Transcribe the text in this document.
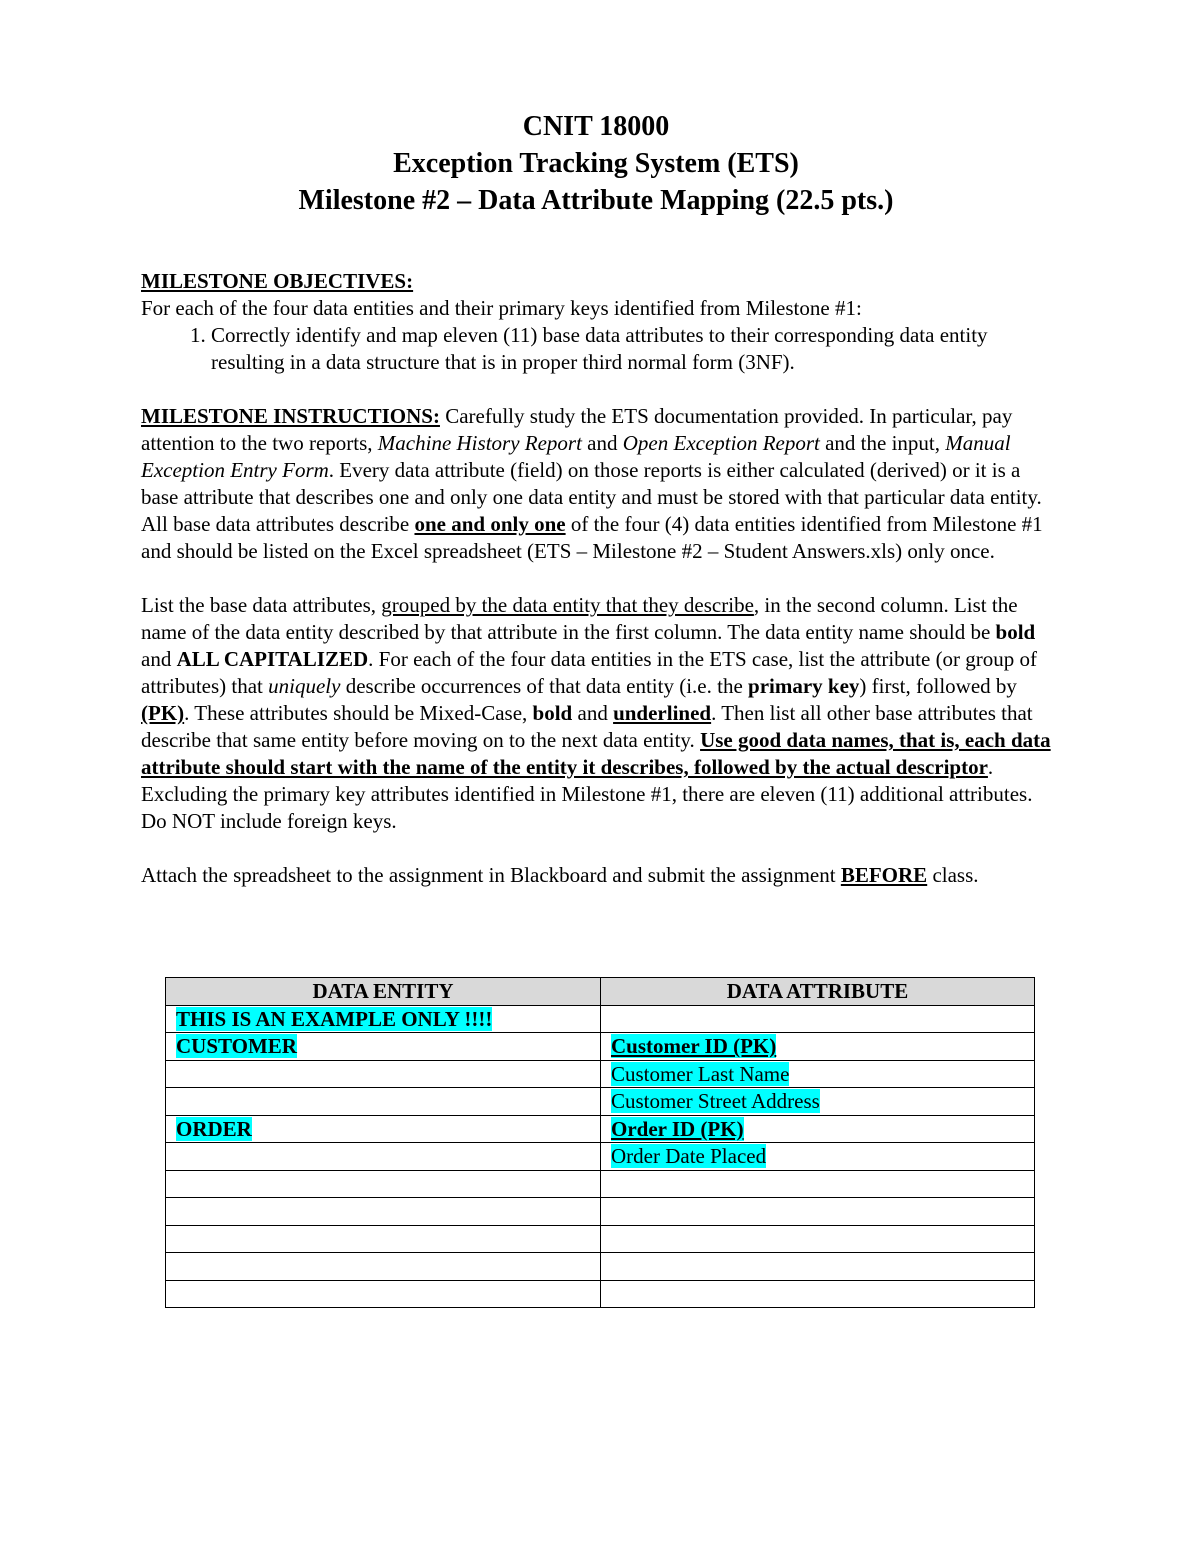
CNIT 18000
Exception Tracking System (ETS)
Milestone #2 – Data Attribute Mapping (22.5 pts.)
MILESTONE OBJECTIVES:
For each of the four data entities and their primary keys identified from Milestone #1:
1. Correctly identify and map eleven (11) base data attributes to their corresponding data entity resulting in a data structure that is in proper third normal form (3NF).
MILESTONE INSTRUCTIONS: Carefully study the ETS documentation provided. In particular, pay attention to the two reports, Machine History Report and Open Exception Report and the input, Manual Exception Entry Form. Every data attribute (field) on those reports is either calculated (derived) or it is a base attribute that describes one and only one data entity and must be stored with that particular data entity. All base data attributes describe one and only one of the four (4) data entities identified from Milestone #1 and should be listed on the Excel spreadsheet (ETS – Milestone #2 – Student Answers.xls) only once.
List the base data attributes, grouped by the data entity that they describe, in the second column. List the name of the data entity described by that attribute in the first column. The data entity name should be bold and ALL CAPITALIZED. For each of the four data entities in the ETS case, list the attribute (or group of attributes) that uniquely describe occurrences of that data entity (i.e. the primary key) first, followed by (PK). These attributes should be Mixed-Case, bold and underlined. Then list all other base attributes that describe that same entity before moving on to the next data entity. Use good data names, that is, each data attribute should start with the name of the entity it describes, followed by the actual descriptor. Excluding the primary key attributes identified in Milestone #1, there are eleven (11) additional attributes. Do NOT include foreign keys.
Attach the spreadsheet to the assignment in Blackboard and submit the assignment BEFORE class.
DATA ENTITY	DATA ATTRIBUTE
THIS IS AN EXAMPLE ONLY !!!!	
CUSTOMER	Customer ID (PK)
	Customer Last Name
	Customer Street Address
ORDER	Order ID (PK)
	Order Date Placed
